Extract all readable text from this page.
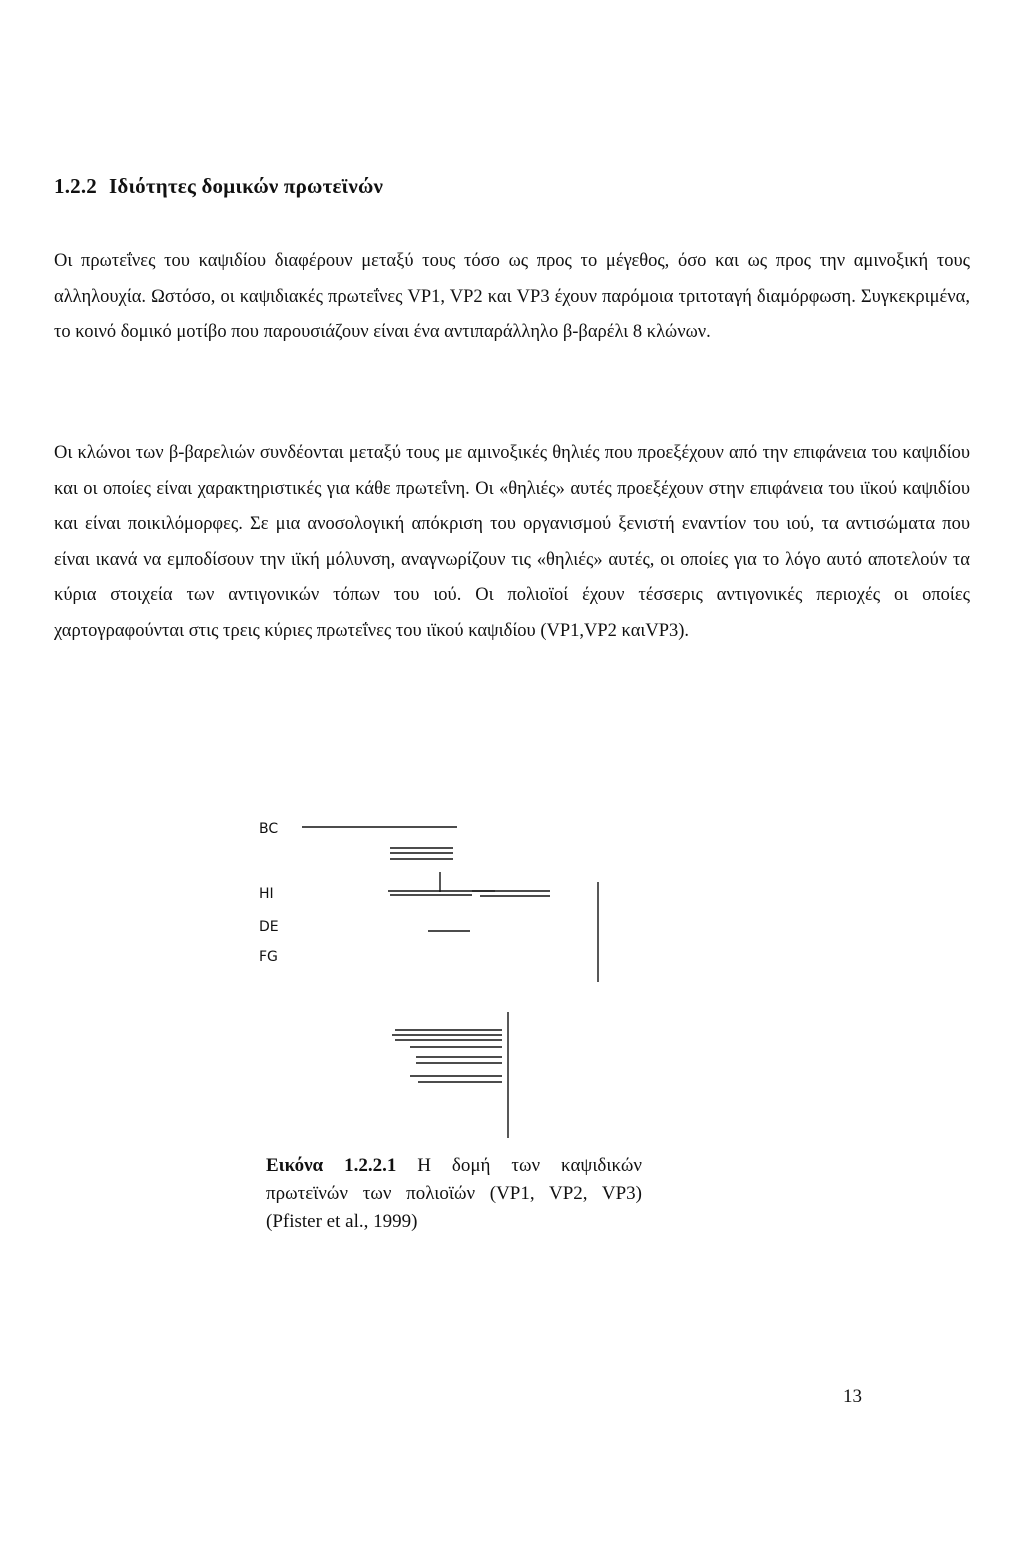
1.2.2 Ιδιότητες δομικών πρωτεϊνών

Οι πρωτεΐνες του καψιδίου διαφέρουν μεταξύ τους τόσο ως προς το μέγεθος, όσο και ως προς την αμινοξική τους αλληλουχία. Ωστόσο, οι καψιδιακές πρωτεΐνες VP1, VP2 και VP3 έχουν παρόμοια τριτοταγή διαμόρφωση. Συγκεκριμένα, το κοινό δομικό μοτίβο που παρουσιάζουν είναι ένα αντιπαράλληλο β-βαρέλι 8 κλώνων.

Οι κλώνοι των β-βαρελιών συνδέονται μεταξύ τους με αμινοξικές θηλιές που προεξέχουν από την επιφάνεια του καψιδίου και οι οποίες είναι χαρακτηριστικές για κάθε πρωτεΐνη. Οι «θηλιές» αυτές προεξέχουν στην επιφάνεια του ιϊκού καψιδίου και είναι ποικιλόμορφες. Σε μια ανοσολογική απόκριση του οργανισμού ξενιστή εναντίον του ιού, τα αντισώματα που είναι ικανά να εμποδίσουν την ιϊκή μόλυνση, αναγνωρίζουν τις «θηλιές» αυτές, οι οποίες για το λόγο αυτό αποτελούν τα κύρια στοιχεία των αντιγονικών τόπων του ιού. Οι πολιοϊοί έχουν τέσσερις αντιγονικές περιοχές οι οποίες χαρτογραφούνται στις τρεις κύριες πρωτεΐνες του ιϊκού καψιδίου (VP1,VP2 καιVP3).

BC
HI
DE
FG

Εικόνα 1.2.2.1 Η δομή των καψιδικών πρωτεϊνών των πολιοϊών (VP1, VP2, VP3) (Pfister et al., 1999)

13
